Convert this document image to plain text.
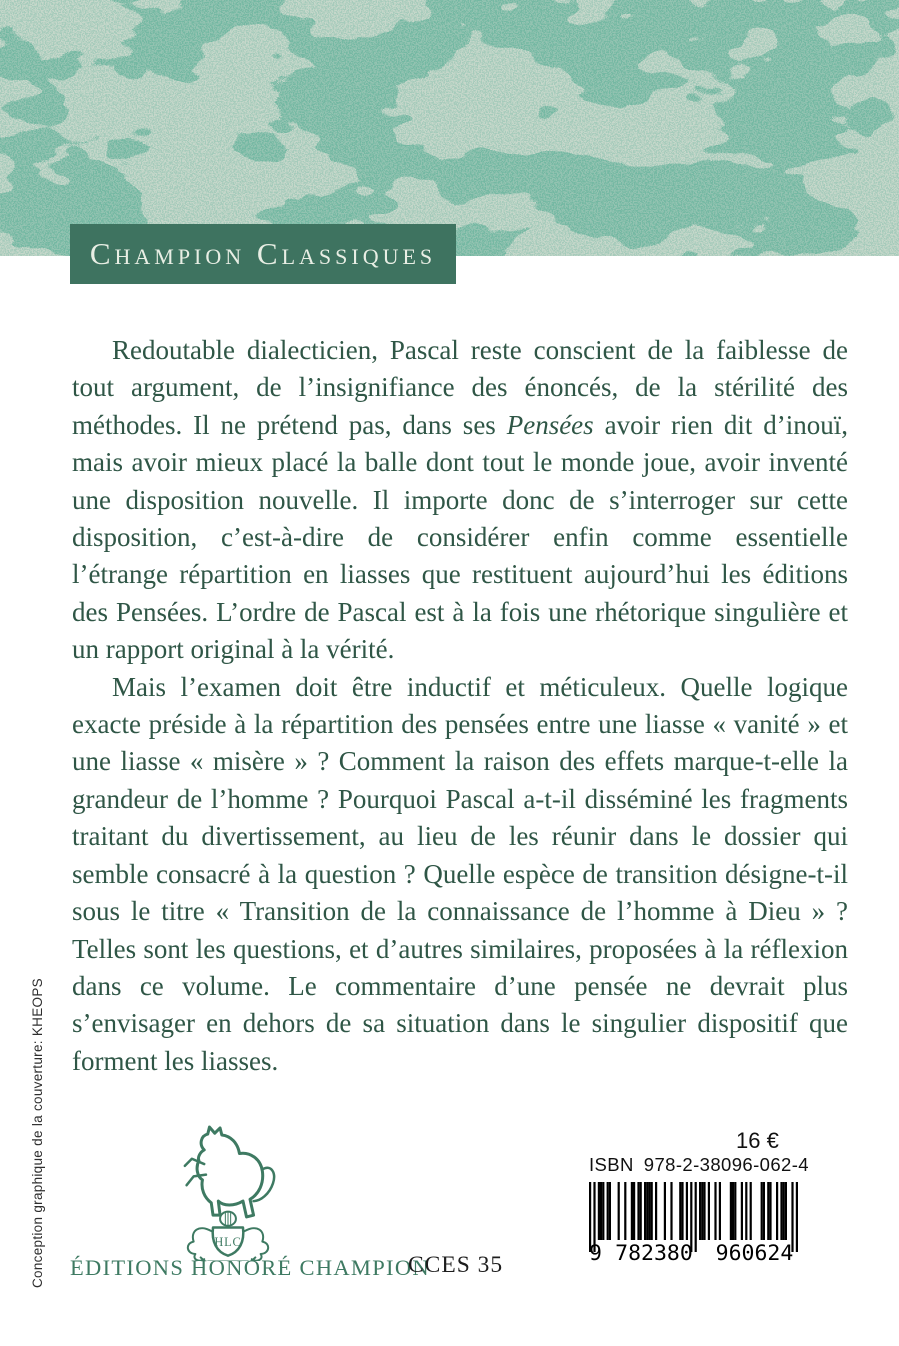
Champion Classiques

Redoutable dialecticien, Pascal reste conscient de la faiblesse de tout argument, de l’insignifiance des énoncés, de la stérilité des méthodes. Il ne prétend pas, dans ses Pensées avoir rien dit d’inouï, mais avoir mieux placé la balle dont tout le monde joue, avoir inventé une disposition nouvelle. Il importe donc de s’interroger sur cette disposition, c’est-à-dire de considérer enfin comme essentielle l’étrange répartition en liasses que restituent aujourd’hui les éditions des Pensées. L’ordre de Pascal est à la fois une rhétorique singulière et un rapport original à la vérité.

Mais l’examen doit être inductif et méticuleux. Quelle logique exacte préside à la répartition des pensées entre une liasse « vanité » et une liasse « misère » ? Comment la raison des effets marque-t-elle la grandeur de l’homme ? Pourquoi Pascal a-t-il disséminé les fragments traitant du divertissement, au lieu de les réunir dans le dossier qui semble consacré à la question ? Quelle espèce de transition désigne-t-il sous le titre « Transition de la connaissance de l’homme à Dieu » ? Telles sont les questions, et d’autres similaires, proposées à la réflexion dans ce volume. Le commentaire d’une pensée ne devrait plus s’envisager en dehors de sa situation dans le singulier dispositif que forment les liasses.

Conception graphique de la couverture: KHEOPS	HLC
ÉDITIONS HONORÉ CHAMPION
CCES 35
16 €
ISBN 978-2-38096-062-4
9 782380	960624
